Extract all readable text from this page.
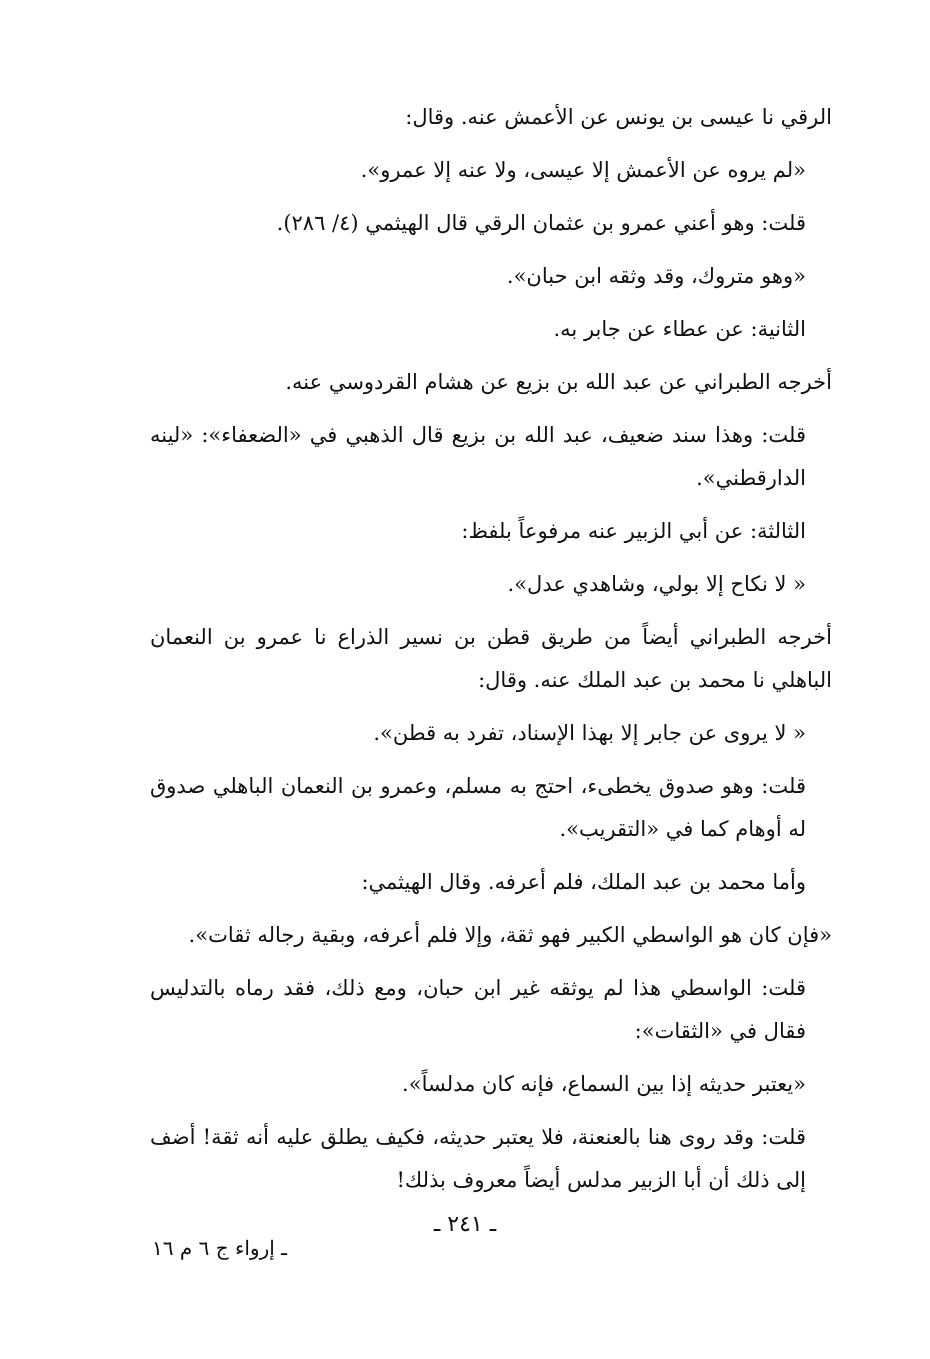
الرقي نا عيسى بن يونس عن الأعمش عنه. وقال:

«لم يروه عن الأعمش إلا عيسى، ولا عنه إلا عمرو».

قلت: وهو أعني عمرو بن عثمان الرقي قال الهيثمي (٤/ ٢٨٦).

«وهو متروك، وقد وثقه ابن حبان».

الثانية: عن عطاء عن جابر به.

أخرجه الطبراني عن عبد الله بن بزيع عن هشام القردوسي عنه.

قلت: وهذا سند ضعيف، عبد الله بن بزيع قال الذهبي في «الضعفاء»: «لينه الدارقطني».

الثالثة: عن أبي الزبير عنه مرفوعاً بلفظ:

« لا نكاح إلا بولي، وشاهدي عدل».

أخرجه الطبراني أيضاً من طريق قطن بن نسير الذراع نا عمرو بن النعمان الباهلي نا محمد بن عبد الملك عنه. وقال:

« لا يروى عن جابر إلا بهذا الإسناد، تفرد به قطن».

قلت: وهو صدوق يخطىء، احتج به مسلم، وعمرو بن النعمان الباهلي صدوق له أوهام كما في «التقريب».

وأما محمد بن عبد الملك، فلم أعرفه. وقال الهيثمي:

«فإن كان هو الواسطي الكبير فهو ثقة، وإلا فلم أعرفه، وبقية رجاله ثقات».

قلت: الواسطي هذا لم يوثقه غير ابن حبان، ومع ذلك، فقد رماه بالتدليس فقال في «الثقات»:

«يعتبر حديثه إذا بين السماع، فإنه كان مدلساً».

قلت: وقد روى هنا بالعنعنة، فلا يعتبر حديثه، فكيف يطلق عليه أنه ثقة! أضف إلى ذلك أن أبا الزبير مدلس أيضاً معروف بذلك!

ـ ٢٤١ ـ
ـ إرواء ج ٦ م ١٦
